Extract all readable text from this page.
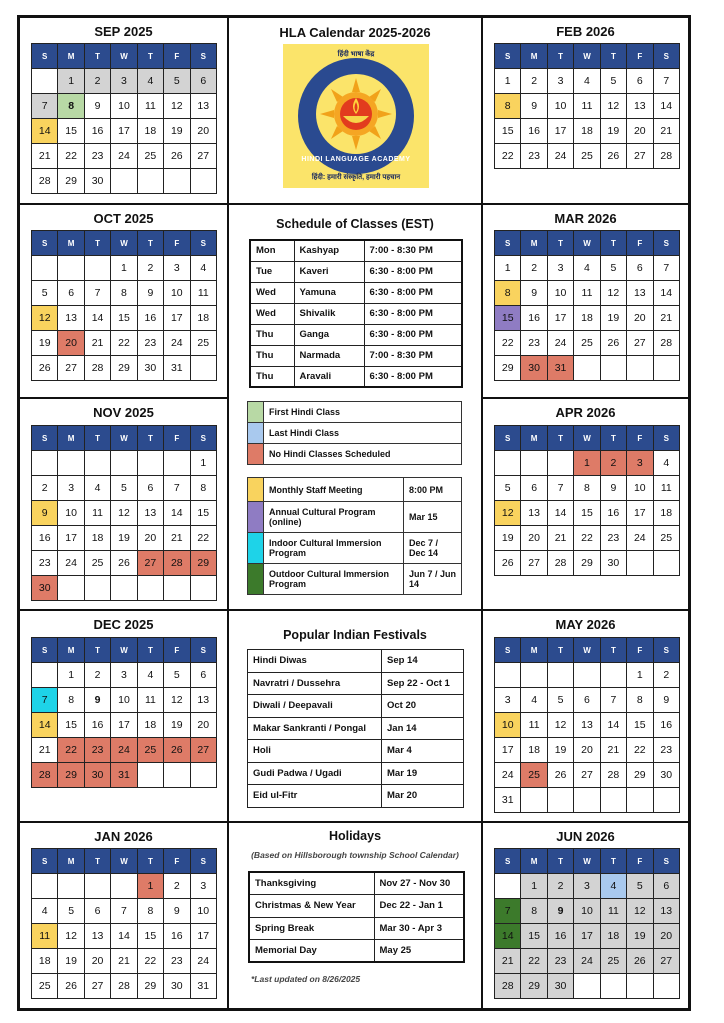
SEP 2025
S	M	T	W	T	F	S
	1	2	3	4	5	6
7	8	9	10	11	12	13
14	15	16	17	18	19	20
21	22	23	24	25	26	27
28	29	30				
OCT 2025
S	M	T	W	T	F	S
			1	2	3	4
5	6	7	8	9	10	11
12	13	14	15	16	17	18
19	20	21	22	23	24	25
26	27	28	29	30	31	
NOV 2025
S	M	T	W	T	F	S
						1
2	3	4	5	6	7	8
9	10	11	12	13	14	15
16	17	18	19	20	21	22
23	24	25	26	27	28	29
30						
DEC 2025
S	M	T	W	T	F	S
	1	2	3	4	5	6
7	8	9	10	11	12	13
14	15	16	17	18	19	20
21	22	23	24	25	26	27
28	29	30	31			
JAN 2026
S	M	T	W	T	F	S
				1	2	3
4	5	6	7	8	9	10
11	12	13	14	15	16	17
18	19	20	21	22	23	24
25	26	27	28	29	30	31
FEB 2026
S	M	T	W	T	F	S
1	2	3	4	5	6	7
8	9	10	11	12	13	14
15	16	17	18	19	20	21
22	23	24	25	26	27	28
MAR 2026
S	M	T	W	T	F	S
1	2	3	4	5	6	7
8	9	10	11	12	13	14
15	16	17	18	19	20	21
22	23	24	25	26	27	28
29	30	31				
APR 2026
S	M	T	W	T	F	S
			1	2	3	4
5	6	7	8	9	10	11
12	13	14	15	16	17	18
19	20	21	22	23	24	25
26	27	28	29	30		
MAY 2026
S	M	T	W	T	F	S
					1	2
3	4	5	6	7	8	9
10	11	12	13	14	15	16
17	18	19	20	21	22	23
24	25	26	27	28	29	30
31						
JUN 2026
S	M	T	W	T	F	S
	1	2	3	4	5	6
7	8	9	10	11	12	13
14	15	16	17	18	19	20
21	22	23	24	25	26	27
28	29	30				
HLA Calendar 2025-2026
हिंदी भाषा केंद्र
HINDI LANGUAGE ACADEMY
हिंदी: हमारी संस्कृति, हमारी पहचान
Schedule of Classes (EST)
Mon	Kashyap	7:00 - 8:30 PM
Tue	Kaveri	6:30 - 8:00 PM
Wed	Yamuna	6:30 - 8:00 PM
Wed	Shivalik	6:30 - 8:00 PM
Thu	Ganga	6:30 - 8:00 PM
Thu	Narmada	7:00 - 8:30 PM
Thu	Aravali	6:30 - 8:00 PM
	First Hindi Class
	Last Hindi Class
	No Hindi Classes Scheduled
	Monthly Staff Meeting	8:00 PM
	Annual Cultural Program (online)	Mar 15
	Indoor Cultural Immersion Program	Dec 7 / Dec 14
	Outdoor Cultural Immersion Program	Jun 7 / Jun 14
Popular Indian Festivals
Hindi Diwas	Sep 14
Navratri / Dussehra	Sep 22 - Oct 1
Diwali / Deepavali	Oct 20
Makar Sankranti / Pongal	Jan 14
Holi	Mar 4
Gudi Padwa / Ugadi	Mar 19
Eid ul-Fitr	Mar 20
Holidays
(Based on Hillsborough township School Calendar)
Thanksgiving	Nov 27 - Nov 30
Christmas & New Year	Dec 22 - Jan 1
Spring Break	Mar 30 - Apr 3
Memorial Day	May 25
*Last updated on 8/26/2025
